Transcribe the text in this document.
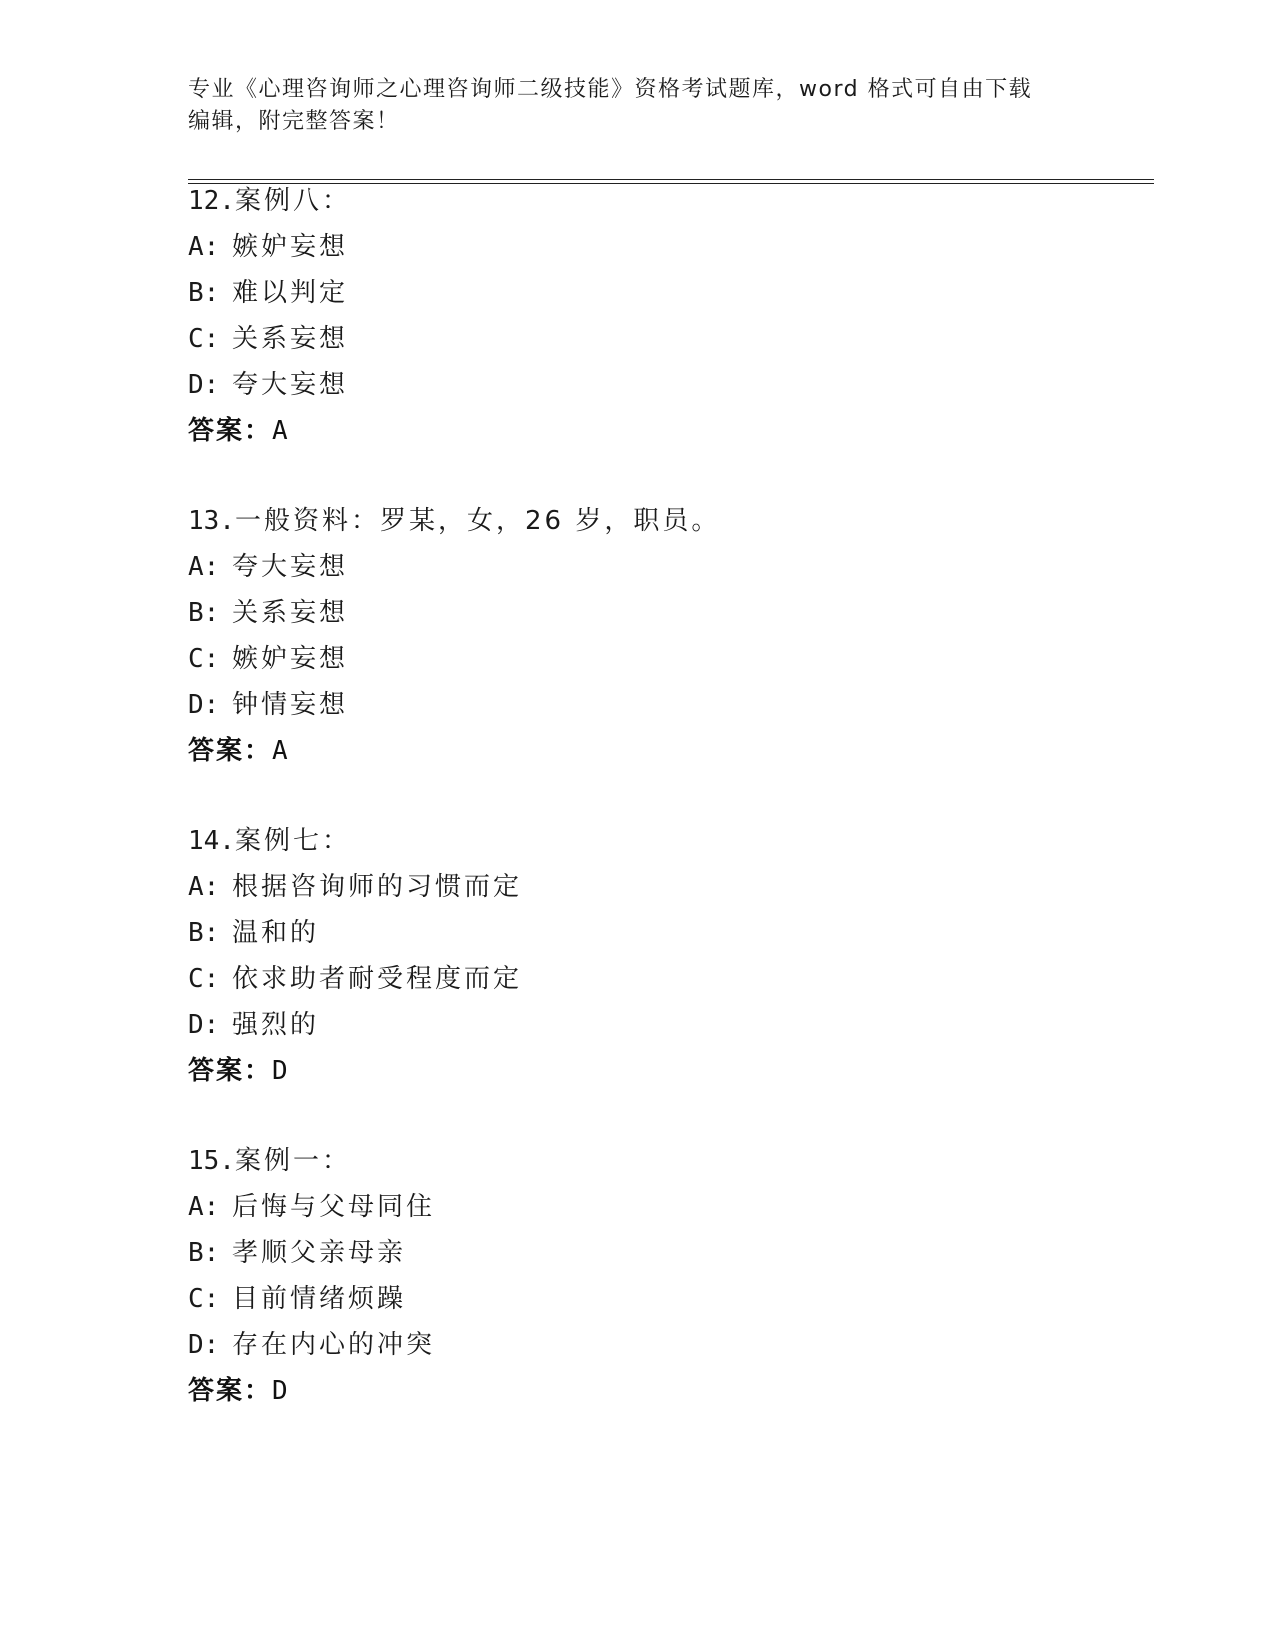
专业《心理咨询师之心理咨询师二级技能》资格考试题库，word 格式可自由下载
编辑，附完整答案！
12.案例八：
A: 嫉妒妄想
B: 难以判定
C: 关系妄想
D: 夸大妄想
答案：A
13.一般资料：罗某，女，26 岁，职员。
A: 夸大妄想
B: 关系妄想
C: 嫉妒妄想
D: 钟情妄想
答案：A
14.案例七：
A: 根据咨询师的习惯而定
B: 温和的
C: 依求助者耐受程度而定
D: 强烈的
答案：D
15.案例一：
A: 后悔与父母同住
B: 孝顺父亲母亲
C: 目前情绪烦躁
D: 存在内心的冲突
答案：D
